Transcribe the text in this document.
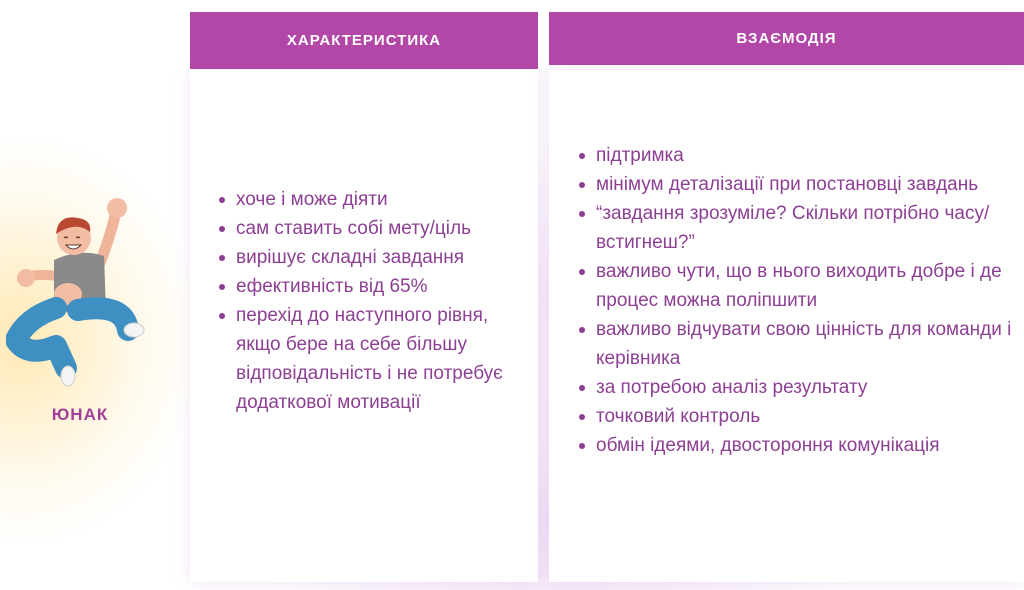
ХАРАКТЕРИСТИКА	ВЗАЄМОДІЯ
ЮНАК
хоче і може діяти
сам ставить собі мету/ціль
вирішує складні завдання
ефективність від 65%
перехід до наступного рівня, якщо бере на себе більшу відповідальність і не потребує додаткової мотивації
підтримка
мінімум деталізації при постановці завдань
“завдання зрозуміле? Скільки потрібно часу/встигнеш?”
важливо чути, що в нього виходить добре і де процес можна поліпшити
важливо відчувати свою цінність для команди і керівника
за потребою аналіз результату
точковий контроль
обмін ідеями, двостороння комунікація
